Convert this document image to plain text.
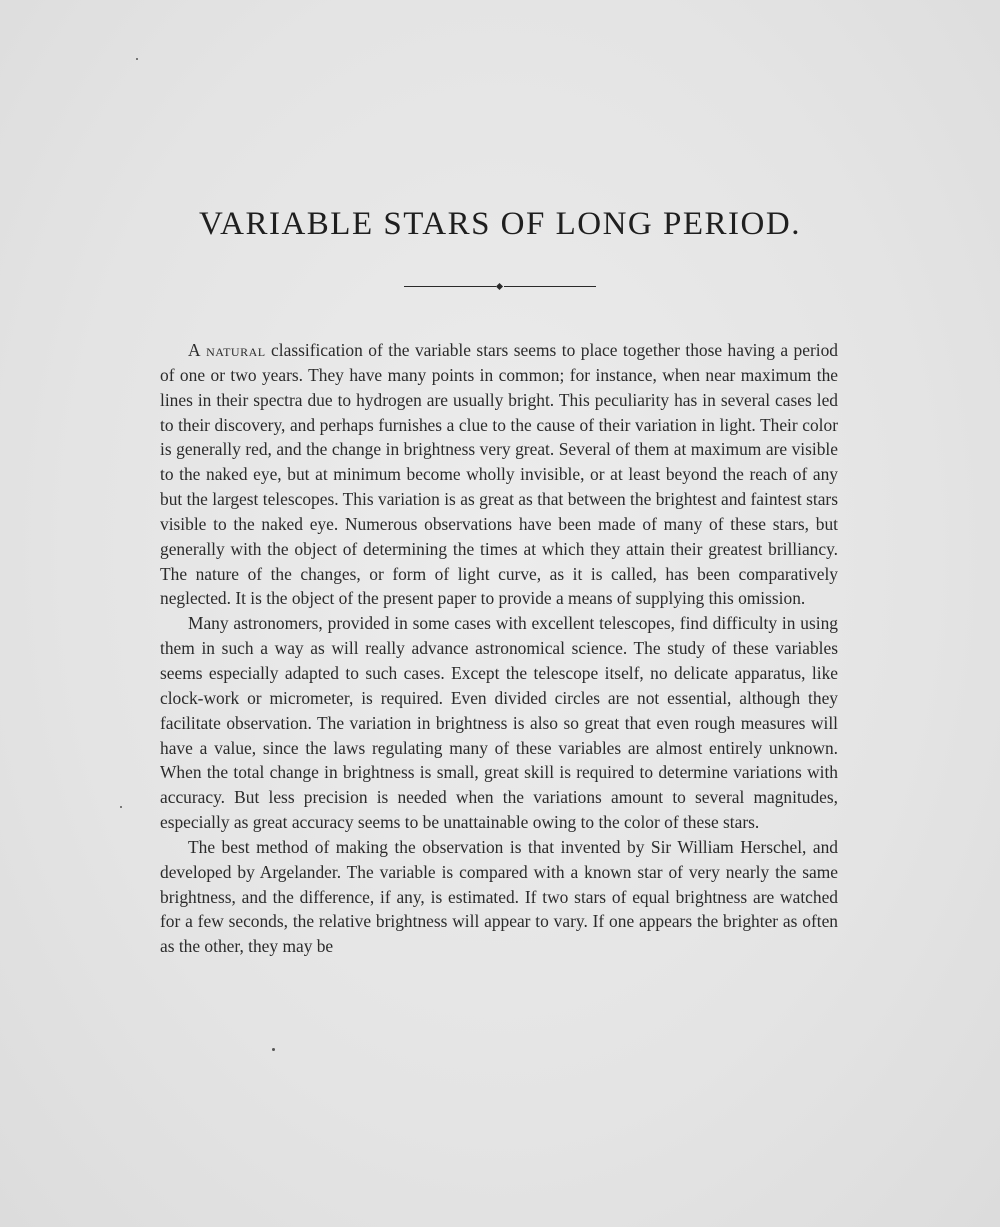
VARIABLE STARS OF LONG PERIOD.

A natural classification of the variable stars seems to place together those having a period of one or two years. They have many points in common; for instance, when near maximum the lines in their spectra due to hydrogen are usually bright. This peculiarity has in several cases led to their discovery, and perhaps furnishes a clue to the cause of their variation in light. Their color is generally red, and the change in brightness very great. Several of them at maximum are visible to the naked eye, but at minimum become wholly invisible, or at least beyond the reach of any but the largest telescopes. This variation is as great as that between the brightest and faintest stars visible to the naked eye. Numerous observations have been made of many of these stars, but generally with the object of determining the times at which they attain their greatest brilliancy. The nature of the changes, or form of light curve, as it is called, has been comparatively neglected. It is the object of the present paper to provide a means of supplying this omission.

Many astronomers, provided in some cases with excellent telescopes, find difficulty in using them in such a way as will really advance astronomical science. The study of these variables seems especially adapted to such cases. Except the telescope itself, no delicate apparatus, like clock-work or micrometer, is required. Even divided circles are not essential, although they facilitate observation. The variation in brightness is also so great that even rough measures will have a value, since the laws regulating many of these variables are almost entirely unknown. When the total change in brightness is small, great skill is required to determine variations with accuracy. But less precision is needed when the variations amount to several magnitudes, especially as great accuracy seems to be unattainable owing to the color of these stars.

The best method of making the observation is that invented by Sir William Herschel, and developed by Argelander. The variable is compared with a known star of very nearly the same brightness, and the difference, if any, is estimated. If two stars of equal brightness are watched for a few seconds, the relative brightness will appear to vary. If one appears the brighter as often as the other, they may be
